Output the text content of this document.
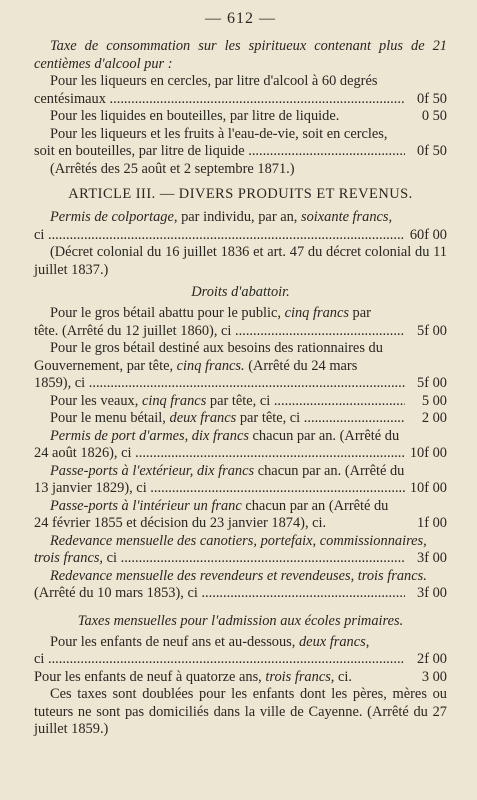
— 612 —

Taxe de consommation sur les spiritueux contenant plus de 21 centièmes d'alcool pur :

Pour les liqueurs en cercles, par litre d'alcool à 60 degrés

centésimaux .....	0f 50
Pour les liquides en bouteilles, par litre de liquide.	0 50

Pour les liqueurs et les fruits à l'eau-de-vie, soit en cercles,

soit en bouteilles, par litre de liquide .....	0f 50

(Arrêtés des 25 août et 2 septembre 1871.)

ARTICLE III. — DIVERS PRODUITS ET REVENUS.

Permis de colportage, par individu, par an, soixante francs,

ci .....	60f 00

(Décret colonial du 16 juillet 1836 et art. 47 du décret colonial du 11 juillet 1837.)

Droits d'abattoir.

Pour le gros bétail abattu pour le public, cinq francs par

tête. (Arrêté du 12 juillet 1860), ci .....	5f 00

Pour le gros bétail destiné aux besoins des rationnaires du

Gouvernement, par tête, cinq francs. (Arrêté du 24 mars

1859), ci .....	5f 00
Pour les veaux, cinq francs par tête, ci .....	5 00
Pour le menu bétail, deux francs par tête, ci .....	2 00

Permis de port d'armes, dix francs chacun par an. (Arrêté du

24 août 1826), ci .....	10f 00

Passe-ports à l'extérieur, dix francs chacun par an. (Arrêté du

13 janvier 1829), ci .....	10f 00

Passe-ports à l'intérieur un franc chacun par an (Arrêté du

24 février 1855 et décision du 23 janvier 1874), ci.	1f 00

Redevance mensuelle des canotiers, portefaix, commissionnaires,

trois francs, ci .....	3f 00

Redevance mensuelle des revendeurs et revendeuses, trois francs.

(Arrêté du 10 mars 1853), ci .....	3f 00
Taxes mensuelles pour l'admission aux écoles primaires.

Pour les enfants de neuf ans et au-dessous, deux francs,

ci .....	2f 00
Pour les enfants de neuf à quatorze ans, trois francs, ci.	3 00

Ces taxes sont doublées pour les enfants dont les pères, mères ou tuteurs ne sont pas domiciliés dans la ville de Cayenne. (Arrêté du 27 juillet 1859.)
